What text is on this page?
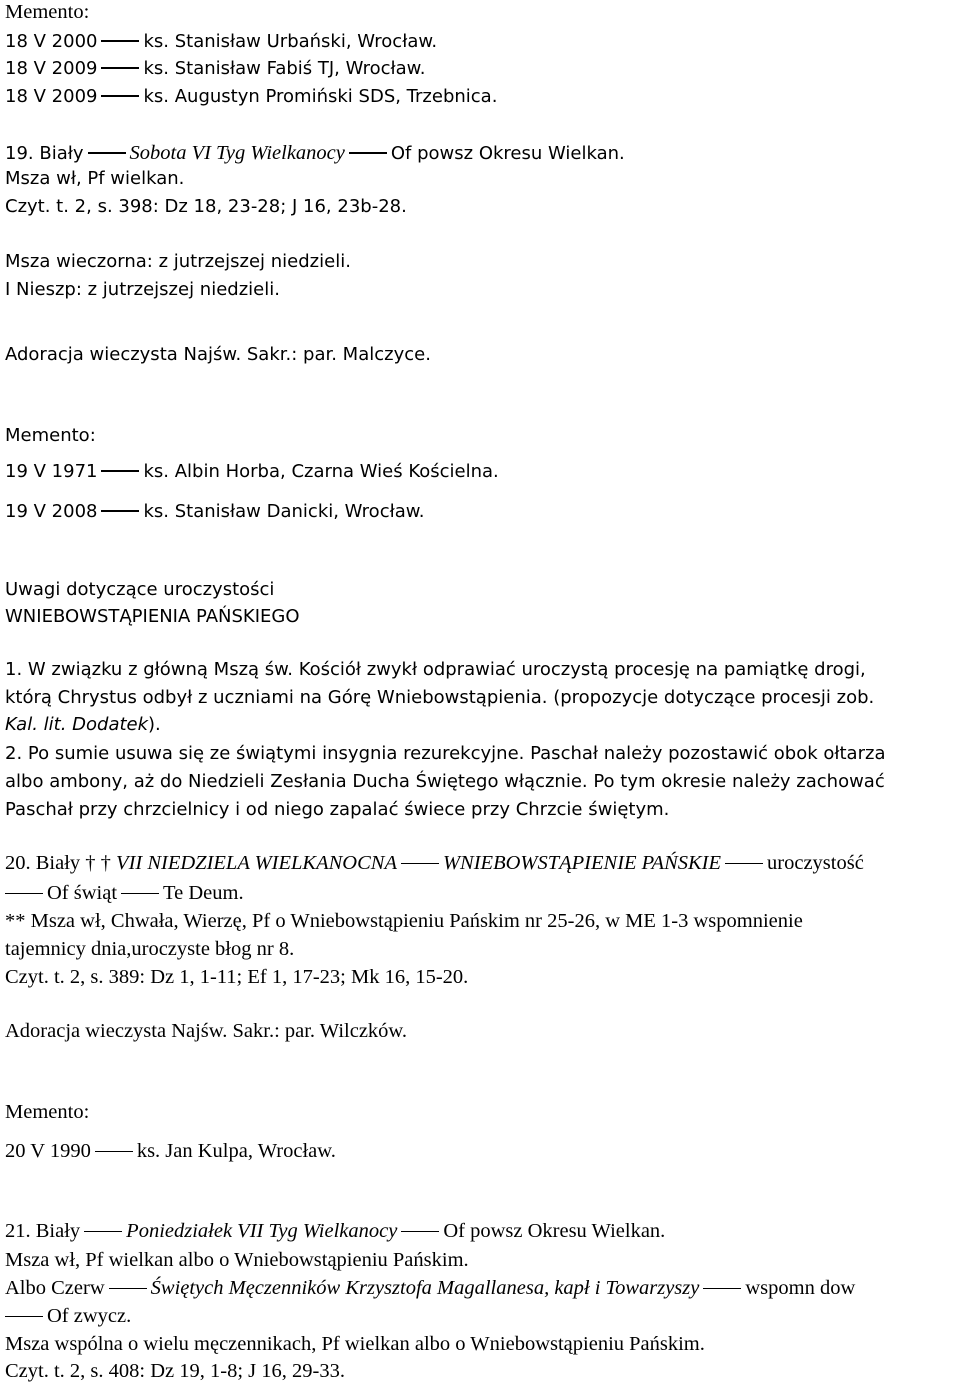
Memento:
18 V 2000	ks. Stanisław Urbański, Wrocław.
18 V 2009	ks. Stanisław Fabiś TJ, Wrocław.
18 V 2009	ks. Augustyn Promiński SDS, Trzebnica.
19. Biały Sobota VI Tyg Wielkanocy	Of powsz Okresu Wielkan.
Msza wł, Pf wielkan.
Czyt. t. 2, s. 398: Dz 18, 23-28; J 16, 23b-28.
Msza wieczorna: z jutrzejszej niedzieli.
I Nieszp: z jutrzejszej niedzieli.
Adoracja wieczysta Najśw. Sakr.: par. Malczyce.
Memento:
19 V 1971	ks. Albin Horba, Czarna Wieś Kościelna.
19 V 2008	ks. Stanisław Danicki, Wrocław.
Uwagi dotyczące uroczystości
WNIEBOWSTĄPIENIA PAŃSKIEGO
1. W związku z główną Mszą św. Kościół zwykł odprawiać uroczystą procesję na pamiątkę drogi,
którą Chrystus odbył z uczniami na Górę Wniebowstąpienia. (propozycje dotyczące procesji zob.
Kal. lit. Dodatek).
2. Po sumie usuwa się ze świątymi insygnia rezurekcyjne. Paschał należy pozostawić obok ołtarza
albo ambony, aż do Niedzieli Zesłania Ducha Świętego włącznie. Po tym okresie należy zachować
Paschał przy chrzcielnicy i od niego zapalać świece przy Chrzcie świętym.
20. Biały † † VII NIEDZIELA WIELKANOCNA WNIEBOWSTĄPIENIE PAŃSKIE uroczystość
Of świąt Te Deum.
** Msza wł, Chwała, Wierzę, Pf o Wniebowstąpieniu Pańskim nr 25-26, w ME 1-3 wspomnienie
tajemnicy dnia,uroczyste błog nr 8.
Czyt. t. 2, s. 389: Dz 1, 1-11; Ef 1, 17-23; Mk 16, 15-20.
Adoracja wieczysta Najśw. Sakr.: par. Wilczków.
Memento:
20 V 1990 ks. Jan Kulpa, Wrocław.
21. Biały Poniedziałek VII Tyg Wielkanocy Of powsz Okresu Wielkan.
Msza wł, Pf wielkan albo o Wniebowstąpieniu Pańskim.
Albo Czerw Świętych Męczenników Krzysztofa Magallanesa, kapł i Towarzyszy wspomn dow
Of zwycz.
Msza wspólna o wielu męczennikach, Pf wielkan albo o Wniebowstąpieniu Pańskim.
Czyt. t. 2, s. 408: Dz 19, 1-8; J 16, 29-33.
